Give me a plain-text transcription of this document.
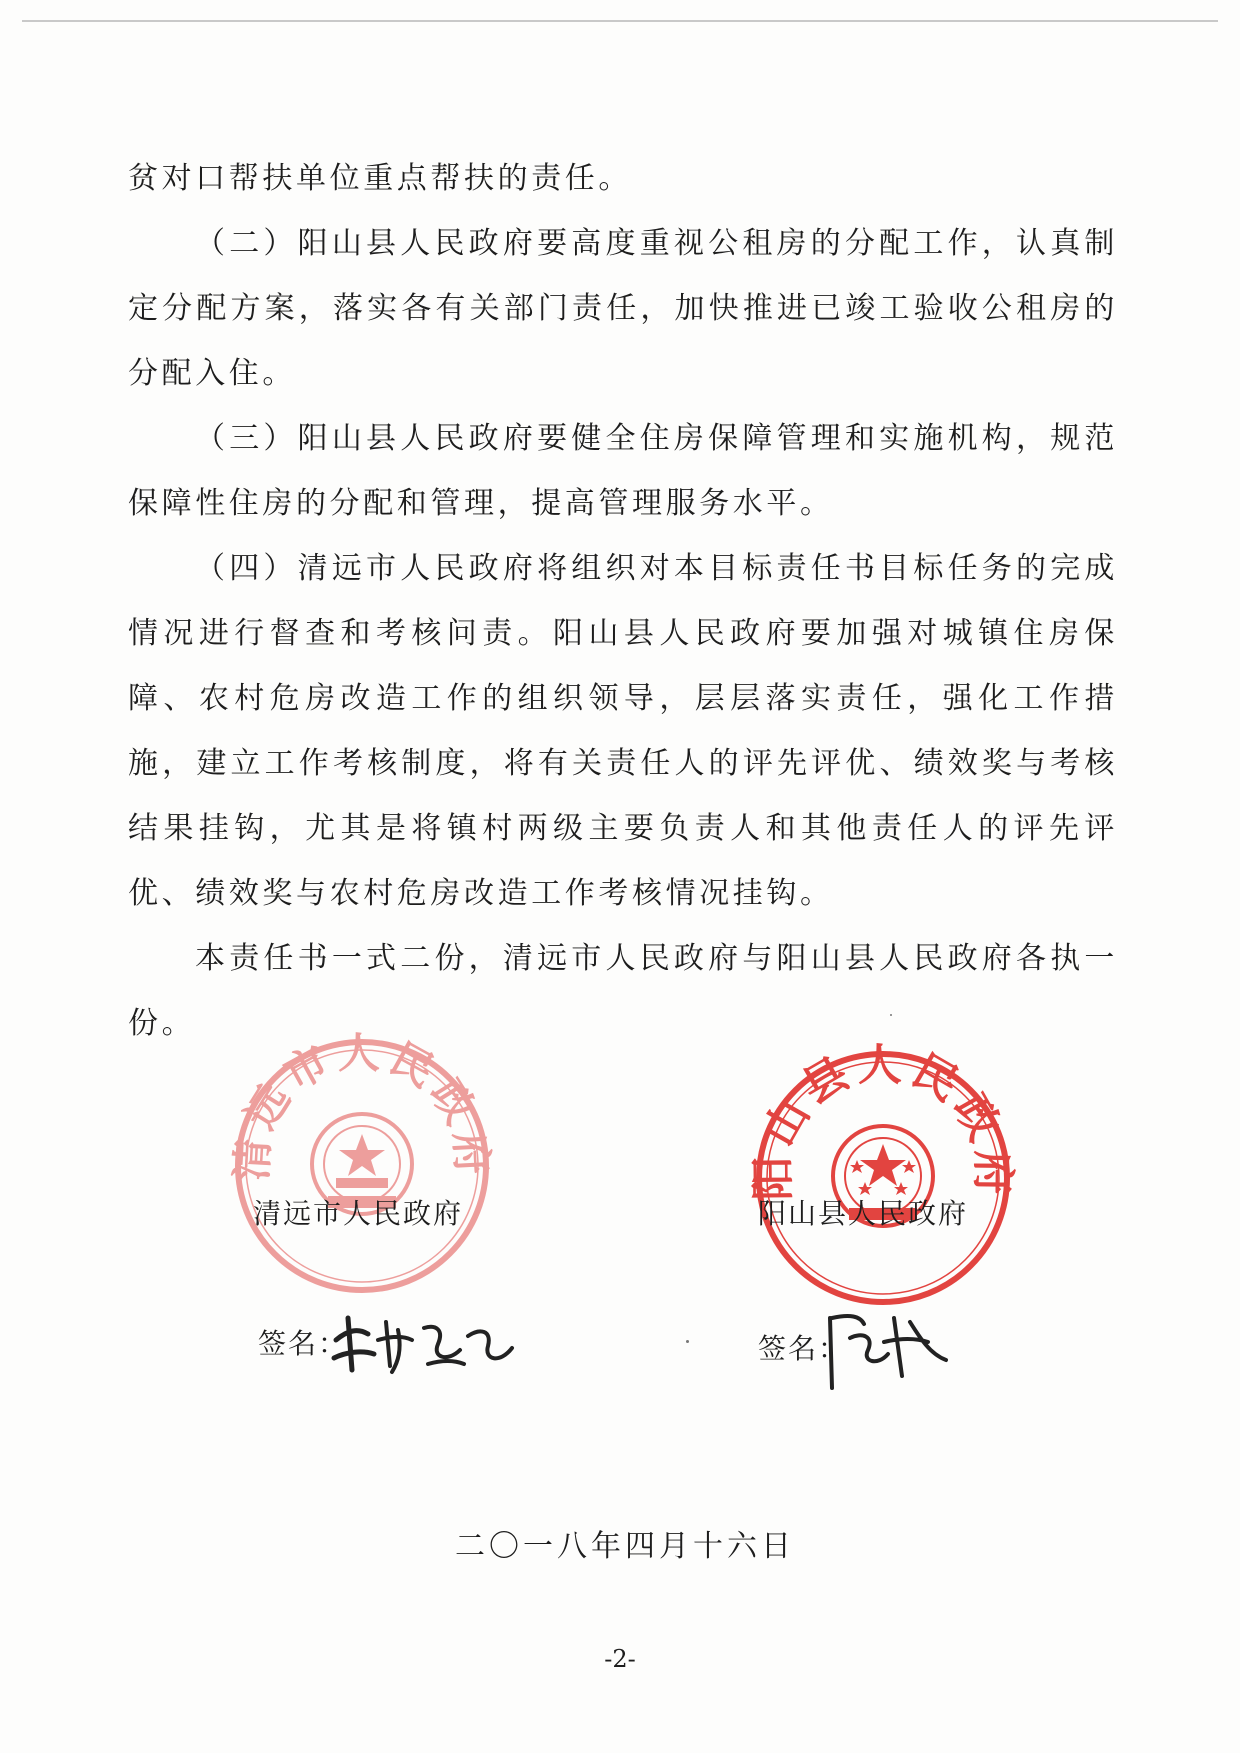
贫对口帮扶单位重点帮扶的责任。

（二）阳山县人民政府要高度重视公租房的分配工作，认真制定分配方案，落实各有关部门责任，加快推进已竣工验收公租房的分配入住。

（三）阳山县人民政府要健全住房保障管理和实施机构，规范保障性住房的分配和管理，提高管理服务水平。

（四）清远市人民政府将组织对本目标责任书目标任务的完成情况进行督查和考核问责。阳山县人民政府要加强对城镇住房保障、农村危房改造工作的组织领导，层层落实责任，强化工作措施，建立工作考核制度，将有关责任人的评先评优、绩效奖与考核结果挂钩，尤其是将镇村两级主要负责人和其他责任人的评先评优、绩效奖与农村危房改造工作考核情况挂钩。

本责任书一式二份，清远市人民政府与阳山县人民政府各执一份。

清远市人民政府	阳山县人民政府
清远市人民政府	阳山县人民政府
签名：	签名：
二〇一八年四月十六日
-2-
